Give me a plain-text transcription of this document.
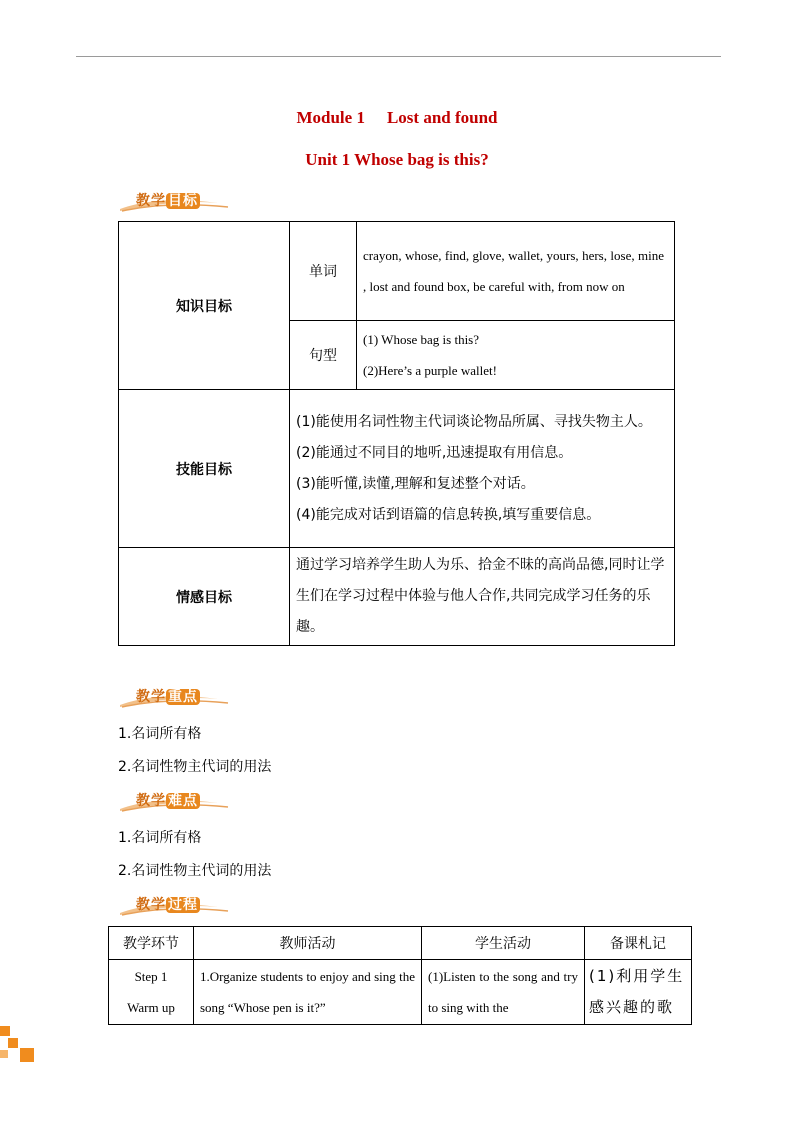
Module 1 Lost and found
Unit 1 Whose bag is this?
教学 目标
知识目标	单词	crayon, whose, find, glove, wallet, yours, hers, lose, mine , lost and found box, be careful with, from now on
	句型	(1) Whose bag is this?
(2)Here’s a purple wallet!

技能目标	(1)能使用名词性物主代词谈论物品所属、寻找失物主人。
(2)能通过不同目的地听,迅速提取有用信息。
(3)能听懂,读懂,理解和复述整个对话。
(4)能完成对话到语篇的信息转换,填写重要信息。	

情感目标	通过学习培养学生助人为乐、拾金不昧的高尚品德,同时让学生们在学习过程中体验与他人合作,共同完成学习任务的乐趣。	
教学 重点
1.名词所有格
2.名词性物主代词的用法
教学 难点
1.名词所有格
2.名词性物主代词的用法
教学 过程
教学环节	教师活动	学生活动	备课札记

Step 1
Warm up	1.Organize students to enjoy and sing the song “Whose pen is it?”	(1)Listen to the song and try to sing with the	(1)利用学生感兴趣的歌
